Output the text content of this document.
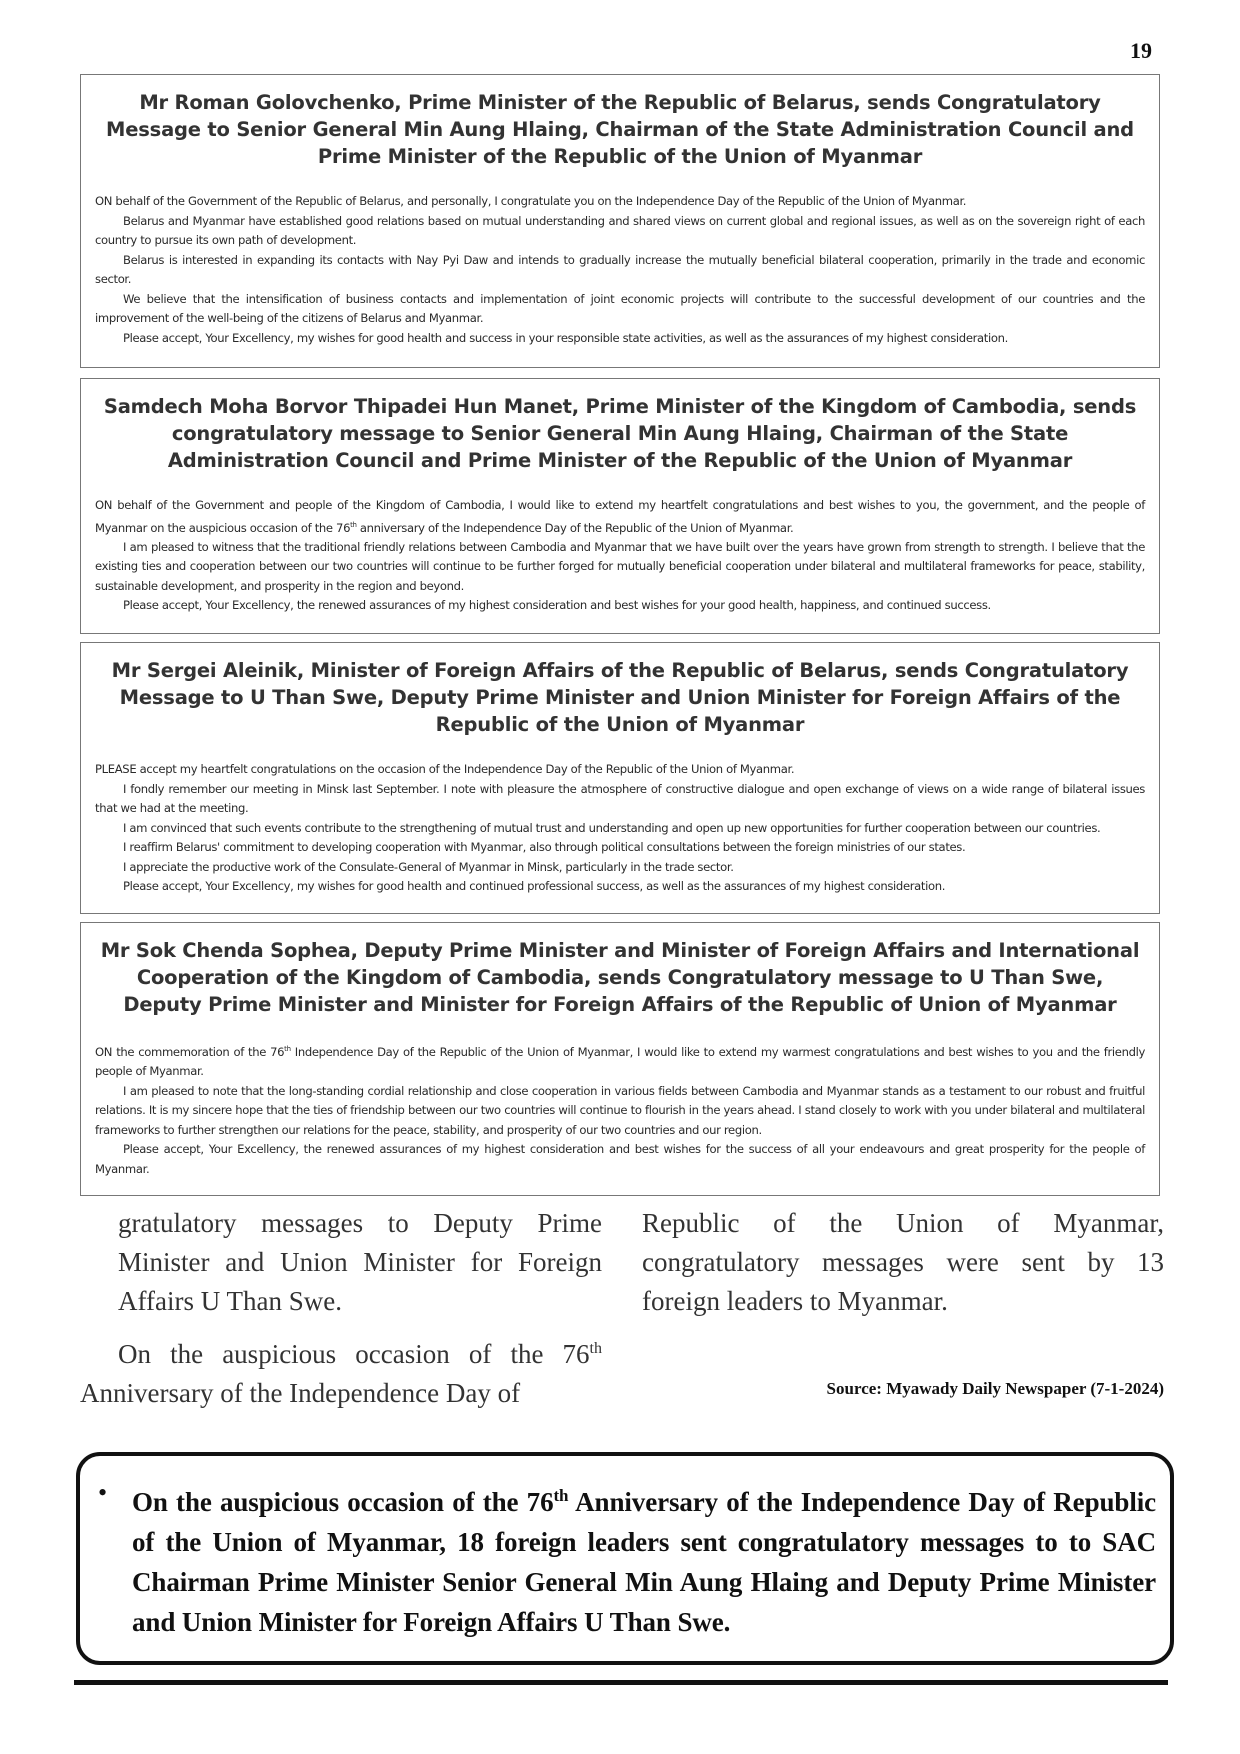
19
Mr Roman Golovchenko, Prime Minister of the Republic of Belarus, sends Congratulatory Message to Senior General Min Aung Hlaing, Chairman of the State Administration Council and Prime Minister of the Republic of the Union of Myanmar

ON behalf of the Government of the Republic of Belarus, and personally, I congratulate you on the Independence Day of the Republic of the Union of Myanmar.

Belarus and Myanmar have established good relations based on mutual understanding and shared views on current global and regional issues, as well as on the sovereign right of each country to pursue its own path of development.

Belarus is interested in expanding its contacts with Nay Pyi Daw and intends to gradually increase the mutually beneficial bilateral cooperation, primarily in the trade and economic sector.

We believe that the intensification of business contacts and implementation of joint economic projects will contribute to the successful development of our countries and the improvement of the well-being of the citizens of Belarus and Myanmar.

Please accept, Your Excellency, my wishes for good health and success in your responsible state activities, as well as the assurances of my highest consideration.

Samdech Moha Borvor Thipadei Hun Manet, Prime Minister of the Kingdom of Cambodia, sends congratulatory message to Senior General Min Aung Hlaing, Chairman of the State Administration Council and Prime Minister of the Republic of the Union of Myanmar

ON behalf of the Government and people of the Kingdom of Cambodia, I would like to extend my heartfelt congratulations and best wishes to you, the government, and the people of Myanmar on the auspicious occasion of the 76th anniversary of the Independence Day of the Republic of the Union of Myanmar.

I am pleased to witness that the traditional friendly relations between Cambodia and Myanmar that we have built over the years have grown from strength to strength. I believe that the existing ties and cooperation between our two countries will continue to be further forged for mutually beneficial cooperation under bilateral and multilateral frameworks for peace, stability, sustainable development, and prosperity in the region and beyond.

Please accept, Your Excellency, the renewed assurances of my highest consideration and best wishes for your good health, happiness, and continued success.

Mr Sergei Aleinik, Minister of Foreign Affairs of the Republic of Belarus, sends Congratulatory Message to U Than Swe, Deputy Prime Minister and Union Minister for Foreign Affairs of the Republic of the Union of Myanmar

PLEASE accept my heartfelt congratulations on the occasion of the Independence Day of the Republic of the Union of Myanmar.

I fondly remember our meeting in Minsk last September. I note with pleasure the atmosphere of constructive dialogue and open exchange of views on a wide range of bilateral issues that we had at the meeting.

I am convinced that such events contribute to the strengthening of mutual trust and understanding and open up new opportunities for further cooperation between our countries.

I reaffirm Belarus' commitment to developing cooperation with Myanmar, also through political consultations between the foreign ministries of our states.

I appreciate the productive work of the Consulate-General of Myanmar in Minsk, particularly in the trade sector.

Please accept, Your Excellency, my wishes for good health and continued professional success, as well as the assurances of my highest consideration.

Mr Sok Chenda Sophea, Deputy Prime Minister and Minister of Foreign Affairs and International Cooperation of the Kingdom of Cambodia, sends Congratulatory message to U Than Swe, Deputy Prime Minister and Minister for Foreign Affairs of the Republic of Union of Myanmar

ON the commemoration of the 76th Independence Day of the Republic of the Union of Myanmar, I would like to extend my warmest congratulations and best wishes to you and the friendly people of Myanmar.

I am pleased to note that the long-standing cordial relationship and close cooperation in various fields between Cambodia and Myanmar stands as a testament to our robust and fruitful relations. It is my sincere hope that the ties of friendship between our two countries will continue to flourish in the years ahead. I stand closely to work with you under bilateral and multilateral frameworks to further strengthen our relations for the peace, stability, and prosperity of our two countries and our region.

Please accept, Your Excellency, the renewed assurances of my highest consideration and best wishes for the success of all your endeavours and great prosperity for the people of Myanmar.

gratulatory messages to Deputy Prime Minister and Union Minister for Foreign Affairs U Than Swe.

On the auspicious occasion of the 76th Anniversary of the Independence Day of

Republic of the Union of Myanmar, congratulatory messages were sent by 13 foreign leaders to Myanmar.

Source: Myawady Daily Newspaper (7-1-2024)
• On the auspicious occasion of the 76th Anniversary of the Independence Day of Republic of the Union of Myanmar, 18 foreign leaders sent congratulatory messages to to SAC Chairman Prime Minister Senior General Min Aung Hlaing and Deputy Prime Minister and Union Minister for Foreign Affairs U Than Swe.
